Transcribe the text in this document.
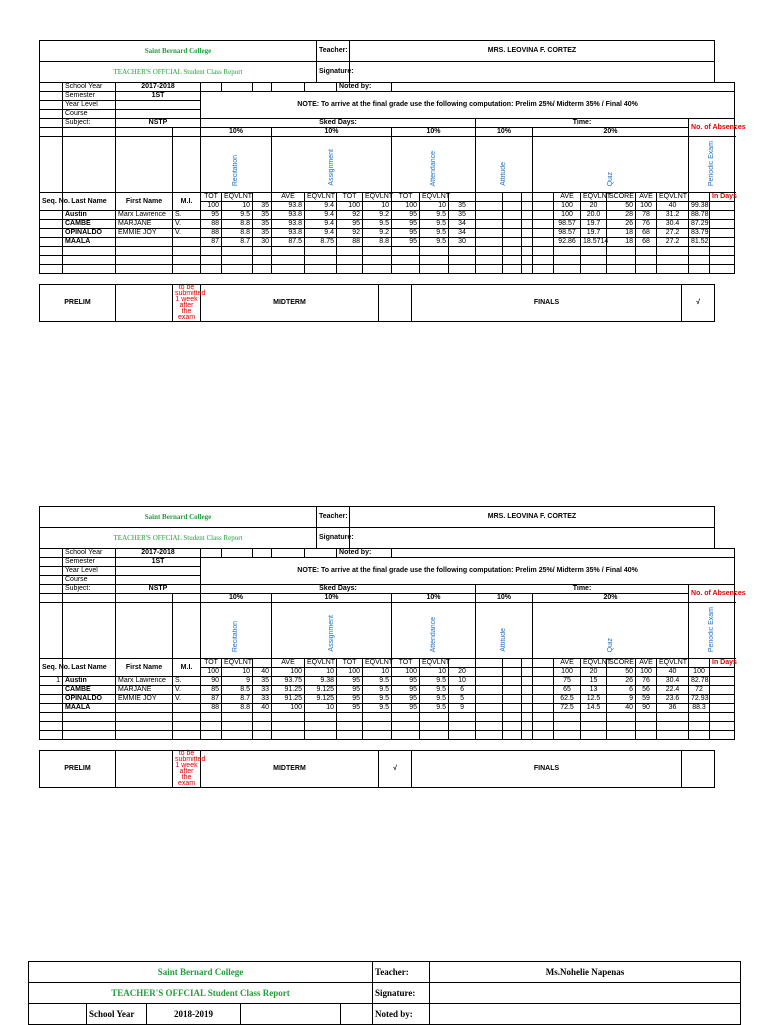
Saint Bernard College	Teacher:	MRS. LEOVINA F. CORTEZ
TEACHER'S OFFCIAL Student Class Report	Signature:	
	School Year	2017-2018							Noted by:																
	Semester	1ST		NOTE: To arrive at the final grade use the following computation: Prelim 25%/ Midterm 35% / Final 40%																					
	Year Level																								
	Course																								
	Subject:	NSTP		Sked Days:										Time:									No. of Absences		
				10%			10%				10%			10%			20%		
				Recitation			Assignment				Attendance			Attitude			Quiz						Periodic Exam		
Seq. No.	Last Name	First Name	M.I.	TOT	EQVLNT		AVE	EQVLNT	TOT	EQVLNT	TOT	EQVLNT						AVE	EQVLNT	SCORE	AVE	EQVLNT		In Days	
				100	10	35	93.8	9.4	100	10	100	10	35					100	20	50	100	40	99.38		
	Austin	Marx Lawrence	S.	95	9.5	35	93.8	9.4	92	9.2	95	9.5	35					100	20.0	28	78	31.2	88.78		
	CAMBE	MARJANE	V.	88	8.8	35	93.8	9.4	95	9.5	95	9.5	34					98.57	19.7	26	76	30.4	87.29		
	OPINALDO	EMMIE JOY	V.	88	8.8	35	93.8	9.4	92	9.2	95	9.5	34					98.57	19.7	18	68	27.2	83.79		
	MAALA			87	8.7	30	87.5	8.75	88	8.8	95	9.5	30					92.86	18.5714	18	68	27.2	81.52		

PRELIM		to be submitted 1 week after the exam	MIDTERM		FINALS	√
Saint Bernard College	Teacher:	MRS. LEOVINA F. CORTEZ
TEACHER'S OFFCIAL Student Class Report	Signature:	
	School Year	2017-2018							Noted by:																
	Semester	1ST		NOTE: To arrive at the final grade use the following computation: Prelim 25%/ Midterm 35% / Final 40%																					
	Year Level																								
	Course																								
	Subject:	NSTP		Sked Days:										Time:									No. of Absences		
				10%			10%				10%			10%			20%		
				Recitation			Assignment				Attendance			Attitude			Quiz						Periodic Exam		
Seq. No.	Last Name	First Name	M.I.	TOT	EQVLNT		AVE	EQVLNT	TOT	EQVLNT	TOT	EQVLNT						AVE	EQVLNT	SCORE	AVE	EQVLNT		In Days	
				100	10	40	100	10	100	10	100	10	20					100	20	50	100	40	100		
1	Austin	Marx Lawrence	S.	90	9	35	93.75	9.38	95	9.5	95	9.5	10					75	15	26	76	30.4	82.78		
	CAMBE	MARJANE	V.	85	8.5	33	91.25	9.125	95	9.5	95	9.5	6					65	13	6	56	22.4	72		
	OPINALDO	EMMIE JOY	V.	87	8.7	33	91.25	9.125	95	9.5	95	9.5	5					62.5	12.5	9	59	23.6	72.93		
	MAALA			88	8.8	40	100	10	95	9.5	95	9.5	9					72.5	14.5	40	90	36	88.3		

PRELIM		to be submitted 1 week after the exam	MIDTERM	√	FINALS	
Saint Bernard College					Teacher:	Ms.Nohelie Napenas
TEACHER'S OFFCIAL Student Class Report					Signature:	
	School Year	2018-2019			Noted by:	
